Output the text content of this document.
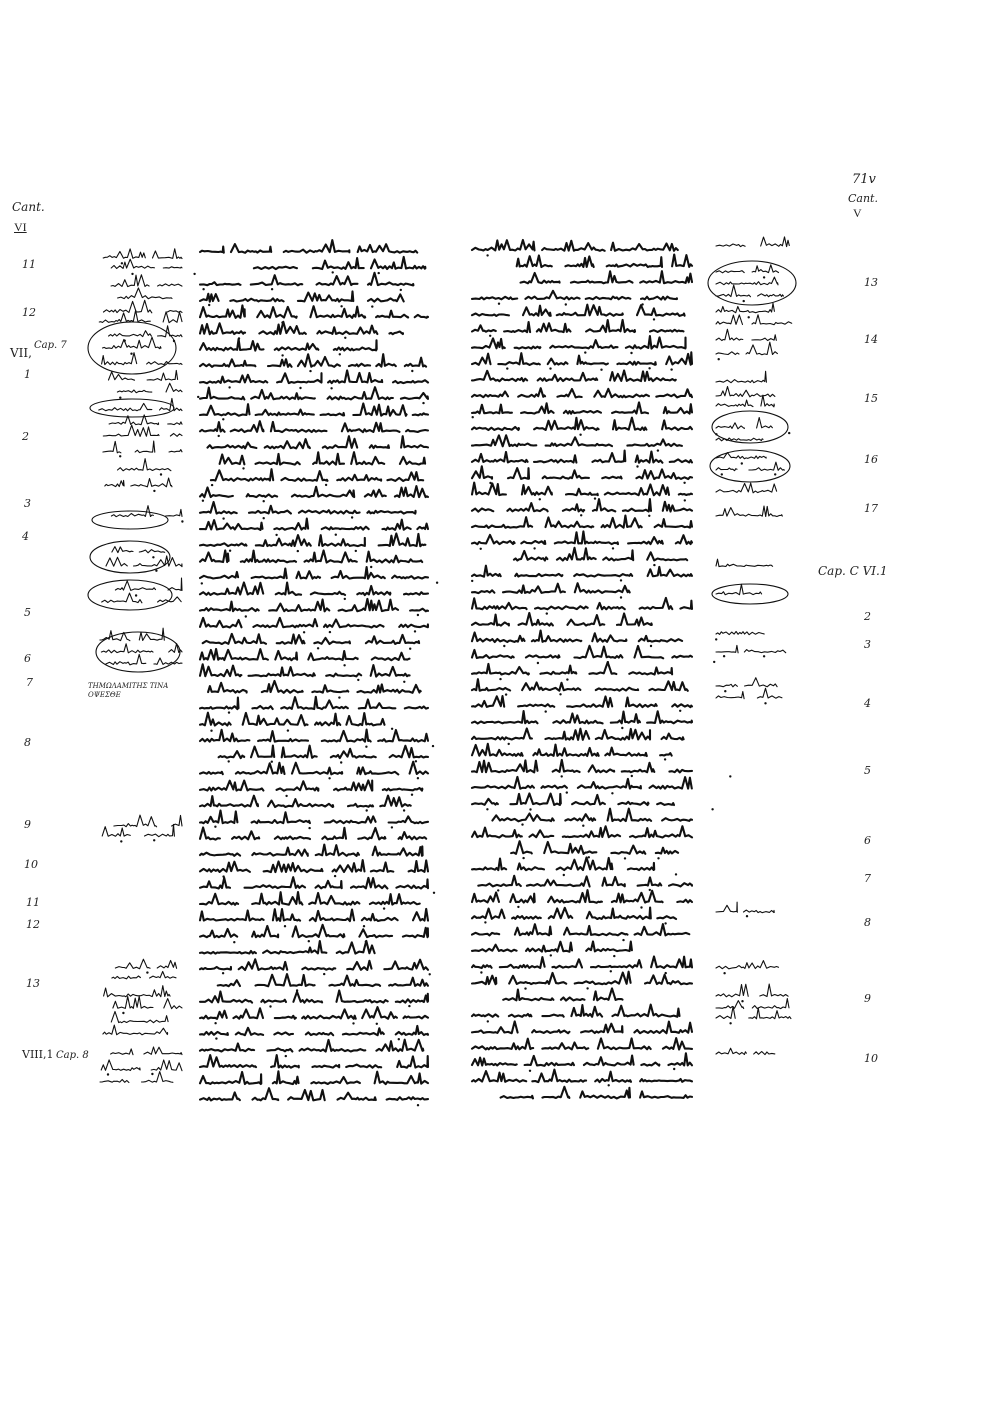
71v
Cant.
VI
Cant.
V
VII,
Cap. 7
VIII,1 Cap. 8
Cap. C VI.1
ΤΗΜΩΛΑΜΙΤΗΣ ΤΙΝΑ ΟΨΕΣΘΕ
11
12
1
2
3
4
5
6
7
8
9
10
11
12
13
13
14
15
16
17
2
3
4
5
6
7
8
9
10
